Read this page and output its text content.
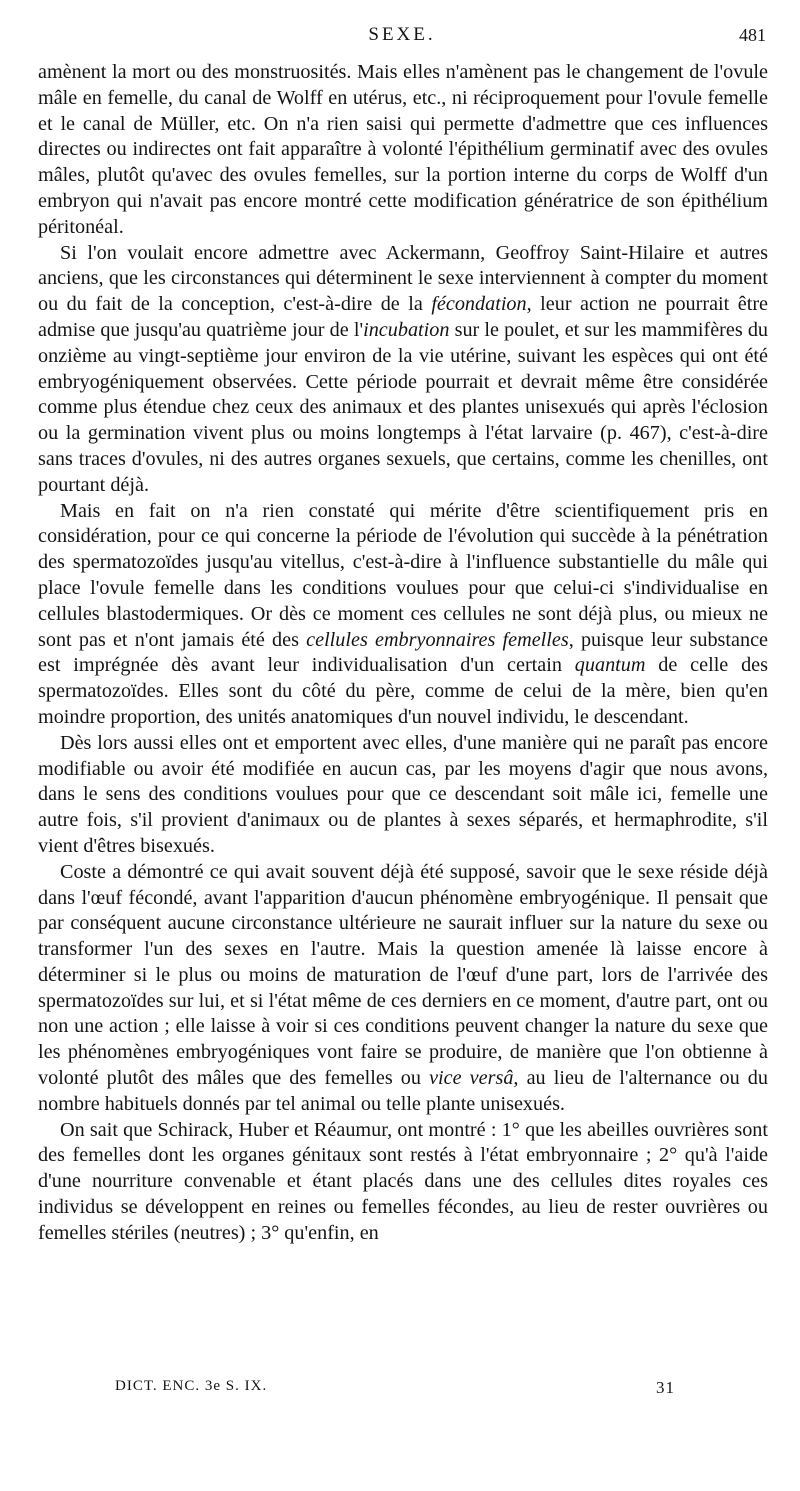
SEXE.	481

amènent la mort ou des monstruosités. Mais elles n'amènent pas le changement de l'ovule mâle en femelle, du canal de Wolff en utérus, etc., ni réciproquement pour l'ovule femelle et le canal de Müller, etc. On n'a rien saisi qui permette d'admettre que ces influences directes ou indirectes ont fait apparaître à volonté l'épithélium germinatif avec des ovules mâles, plutôt qu'avec des ovules femelles, sur la portion interne du corps de Wolff d'un embryon qui n'avait pas encore montré cette modification génératrice de son épithélium péritonéal.

Si l'on voulait encore admettre avec Ackermann, Geoffroy Saint-Hilaire et autres anciens, que les circonstances qui déterminent le sexe interviennent à compter du moment ou du fait de la conception, c'est-à-dire de la fécondation, leur action ne pourrait être admise que jusqu'au quatrième jour de l'incubation sur le poulet, et sur les mammifères du onzième au vingt-septième jour environ de la vie utérine, suivant les espèces qui ont été embryogéniquement observées. Cette période pourrait et devrait même être considérée comme plus étendue chez ceux des animaux et des plantes unisexués qui après l'éclosion ou la germination vivent plus ou moins longtemps à l'état larvaire (p. 467), c'est-à-dire sans traces d'ovules, ni des autres organes sexuels, que certains, comme les chenilles, ont pourtant déjà.

Mais en fait on n'a rien constaté qui mérite d'être scientifiquement pris en considération, pour ce qui concerne la période de l'évolution qui succède à la pénétration des spermatozoïdes jusqu'au vitellus, c'est-à-dire à l'influence substantielle du mâle qui place l'ovule femelle dans les conditions voulues pour que celui-ci s'individualise en cellules blastodermiques. Or dès ce moment ces cellules ne sont déjà plus, ou mieux ne sont pas et n'ont jamais été des cellules embryonnaires femelles, puisque leur substance est imprégnée dès avant leur individualisation d'un certain quantum de celle des spermatozoïdes. Elles sont du côté du père, comme de celui de la mère, bien qu'en moindre proportion, des unités anatomiques d'un nouvel individu, le descendant.

Dès lors aussi elles ont et emportent avec elles, d'une manière qui ne paraît pas encore modifiable ou avoir été modifiée en aucun cas, par les moyens d'agir que nous avons, dans le sens des conditions voulues pour que ce descendant soit mâle ici, femelle une autre fois, s'il provient d'animaux ou de plantes à sexes séparés, et hermaphrodite, s'il vient d'êtres bisexués.

Coste a démontré ce qui avait souvent déjà été supposé, savoir que le sexe réside déjà dans l'œuf fécondé, avant l'apparition d'aucun phénomène embryogénique. Il pensait que par conséquent aucune circonstance ultérieure ne saurait influer sur la nature du sexe ou transformer l'un des sexes en l'autre. Mais la question amenée là laisse encore à déterminer si le plus ou moins de maturation de l'œuf d'une part, lors de l'arrivée des spermatozoïdes sur lui, et si l'état même de ces derniers en ce moment, d'autre part, ont ou non une action ; elle laisse à voir si ces conditions peuvent changer la nature du sexe que les phénomènes embryogéniques vont faire se produire, de manière que l'on obtienne à volonté plutôt des mâles que des femelles ou vice versâ, au lieu de l'alternance ou du nombre habituels donnés par tel animal ou telle plante unisexués.

On sait que Schirack, Huber et Réaumur, ont montré : 1° que les abeilles ouvrières sont des femelles dont les organes génitaux sont restés à l'état embryonnaire ; 2° qu'à l'aide d'une nourriture convenable et étant placés dans une des cellules dites royales ces individus se développent en reines ou femelles fécondes, au lieu de rester ouvrières ou femelles stériles (neutres) ; 3° qu'enfin, en

DICT. ENC. 3e S. IX.	31
